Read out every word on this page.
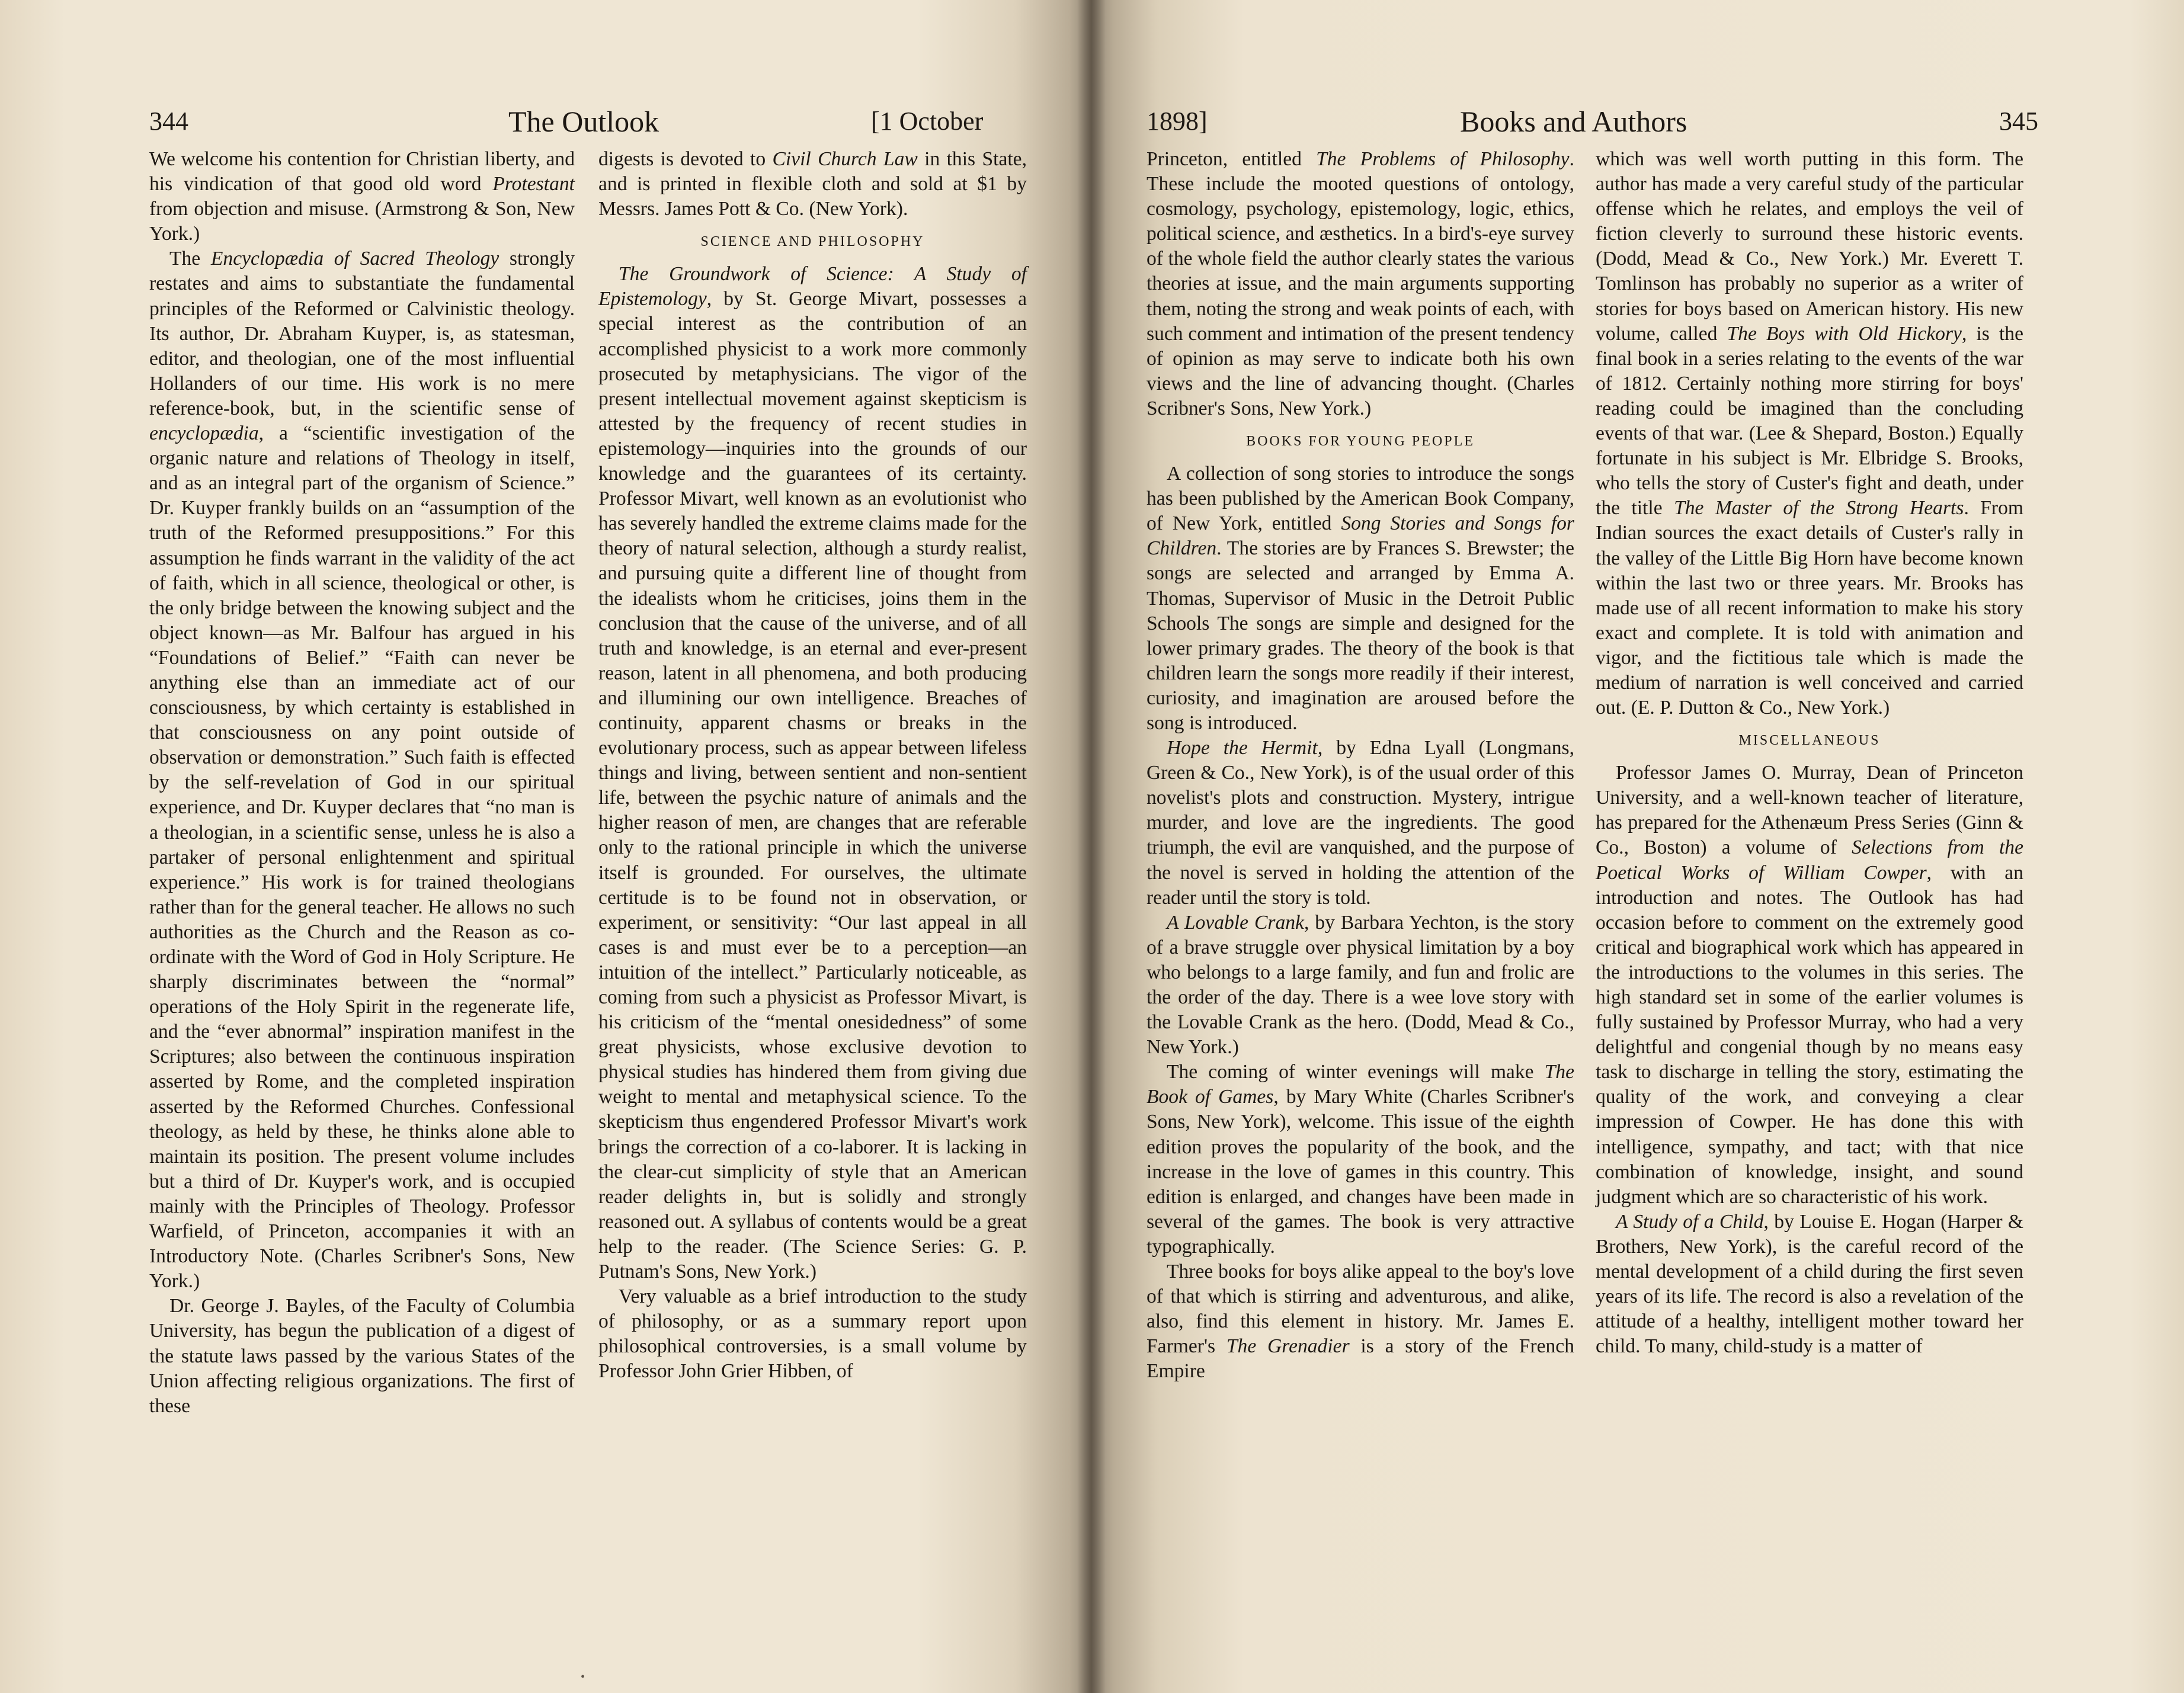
344	The Outlook	[1 October

We welcome his contention for Christian liberty, and his vindication of that good old word Protestant from objection and misuse. (Armstrong & Son, New York.)

The Encyclopædia of Sacred Theology strongly restates and aims to substantiate the fundamental principles of the Reformed or Calvinistic theology. Its author, Dr. Abraham Kuyper, is, as statesman, editor, and theologian, one of the most influential Hollanders of our time. His work is no mere reference-book, but, in the scientific sense of encyclopædia, a “scientific investigation of the organic nature and relations of Theology in itself, and as an integral part of the organism of Science.” Dr. Kuyper frankly builds on an “assumption of the truth of the Reformed presuppositions.” For this assumption he finds warrant in the validity of the act of faith, which in all science, theological or other, is the only bridge between the knowing subject and the object known—as Mr. Balfour has argued in his “Foundations of Belief.” “Faith can never be anything else than an immediate act of our consciousness, by which certainty is established in that consciousness on any point outside of observation or demonstration.” Such faith is effected by the self-revelation of God in our spiritual experience, and Dr. Kuyper declares that “no man is a theologian, in a scientific sense, unless he is also a partaker of personal enlightenment and spiritual experience.” His work is for trained theologians rather than for the general teacher. He allows no such authorities as the Church and the Reason as co-ordinate with the Word of God in Holy Scripture. He sharply discriminates between the “normal” operations of the Holy Spirit in the regenerate life, and the “ever abnormal” inspiration manifest in the Scriptures; also between the continuous inspiration asserted by Rome, and the completed inspiration asserted by the Reformed Churches. Confessional theology, as held by these, he thinks alone able to maintain its position. The present volume includes but a third of Dr. Kuyper's work, and is occupied mainly with the Principles of Theology. Professor Warfield, of Princeton, accompanies it with an Introductory Note. (Charles Scribner's Sons, New York.)

Dr. George J. Bayles, of the Faculty of Columbia University, has begun the publication of a digest of the statute laws passed by the various States of the Union affecting religious organizations. The first of these

digests is devoted to Civil Church Law in this State, and is printed in flexible cloth and sold at $1 by Messrs. James Pott & Co. (New York).

SCIENCE AND PHILOSOPHY

The Groundwork of Science: A Study of Epistemology, by St. George Mivart, possesses a special interest as the contribution of an accomplished physicist to a work more commonly prosecuted by metaphysicians. The vigor of the present intellectual movement against skepticism is attested by the frequency of recent studies in epistemology—inquiries into the grounds of our knowledge and the guarantees of its certainty. Professor Mivart, well known as an evolutionist who has severely handled the extreme claims made for the theory of natural selection, although a sturdy realist, and pursuing quite a different line of thought from the idealists whom he criticises, joins them in the conclusion that the cause of the universe, and of all truth and knowledge, is an eternal and ever-present reason, latent in all phenomena, and both producing and illumining our own intelligence. Breaches of continuity, apparent chasms or breaks in the evolutionary process, such as appear between lifeless things and living, between sentient and non-sentient life, between the psychic nature of animals and the higher reason of men, are changes that are referable only to the rational principle in which the universe itself is grounded. For ourselves, the ultimate certitude is to be found not in observation, or experiment, or sensitivity: “Our last appeal in all cases is and must ever be to a perception—an intuition of the intellect.” Particularly noticeable, as coming from such a physicist as Professor Mivart, is his criticism of the “mental onesidedness” of some great physicists, whose exclusive devotion to physical studies has hindered them from giving due weight to mental and metaphysical science. To the skepticism thus engendered Professor Mivart's work brings the correction of a co-laborer. It is lacking in the clear-cut simplicity of style that an American reader delights in, but is solidly and strongly reasoned out. A syllabus of contents would be a great help to the reader. (The Science Series: G. P. Putnam's Sons, New York.)

Very valuable as a brief introduction to the study of philosophy, or as a summary report upon philosophical controversies, is a small volume by Professor John Grier Hibben, of

•
1898]	Books and Authors	345

Princeton, entitled The Problems of Philosophy. These include the mooted questions of ontology, cosmology, psychology, epistemology, logic, ethics, political science, and æsthetics. In a bird's-eye survey of the whole field the author clearly states the various theories at issue, and the main arguments supporting them, noting the strong and weak points of each, with such comment and intimation of the present tendency of opinion as may serve to indicate both his own views and the line of advancing thought. (Charles Scribner's Sons, New York.)

BOOKS FOR YOUNG PEOPLE

A collection of song stories to introduce the songs has been published by the American Book Company, of New York, entitled Song Stories and Songs for Children. The stories are by Frances S. Brewster; the songs are selected and arranged by Emma A. Thomas, Supervisor of Music in the Detroit Public Schools The songs are simple and designed for the lower primary grades. The theory of the book is that children learn the songs more readily if their interest, curiosity, and imagination are aroused before the song is introduced.

Hope the Hermit, by Edna Lyall (Longmans, Green & Co., New York), is of the usual order of this novelist's plots and construction. Mystery, intrigue murder, and love are the ingredients. The good triumph, the evil are vanquished, and the purpose of the novel is served in holding the attention of the reader until the story is told.

A Lovable Crank, by Barbara Yechton, is the story of a brave struggle over physical limitation by a boy who belongs to a large family, and fun and frolic are the order of the day. There is a wee love story with the Lovable Crank as the hero. (Dodd, Mead & Co., New York.)

The coming of winter evenings will make The Book of Games, by Mary White (Charles Scribner's Sons, New York), welcome. This issue of the eighth edition proves the popularity of the book, and the increase in the love of games in this country. This edition is enlarged, and changes have been made in several of the games. The book is very attractive typographically.

Three books for boys alike appeal to the boy's love of that which is stirring and adventurous, and alike, also, find this element in history. Mr. James E. Farmer's The Grenadier is a story of the French Empire

which was well worth putting in this form. The author has made a very careful study of the particular offense which he relates, and employs the veil of fiction cleverly to surround these historic events. (Dodd, Mead & Co., New York.) Mr. Everett T. Tomlinson has probably no superior as a writer of stories for boys based on American history. His new volume, called The Boys with Old Hickory, is the final book in a series relating to the events of the war of 1812. Certainly nothing more stirring for boys' reading could be imagined than the concluding events of that war. (Lee & Shepard, Boston.) Equally fortunate in his subject is Mr. Elbridge S. Brooks, who tells the story of Custer's fight and death, under the title The Master of the Strong Hearts. From Indian sources the exact details of Custer's rally in the valley of the Little Big Horn have become known within the last two or three years. Mr. Brooks has made use of all recent information to make his story exact and complete. It is told with animation and vigor, and the fictitious tale which is made the medium of narration is well conceived and carried out. (E. P. Dutton & Co., New York.)

MISCELLANEOUS

Professor James O. Murray, Dean of Princeton University, and a well-known teacher of literature, has prepared for the Athenæum Press Series (Ginn & Co., Boston) a volume of Selections from the Poetical Works of William Cowper, with an introduction and notes. The Outlook has had occasion before to comment on the extremely good critical and biographical work which has appeared in the introductions to the volumes in this series. The high standard set in some of the earlier volumes is fully sustained by Professor Murray, who had a very delightful and congenial though by no means easy task to discharge in telling the story, estimating the quality of the work, and conveying a clear impression of Cowper. He has done this with intelligence, sympathy, and tact; with that nice combination of knowledge, insight, and sound judgment which are so characteristic of his work.

A Study of a Child, by Louise E. Hogan (Harper & Brothers, New York), is the careful record of the mental development of a child during the first seven years of its life. The record is also a revelation of the attitude of a healthy, intelligent mother toward her child. To many, child-study is a matter of
